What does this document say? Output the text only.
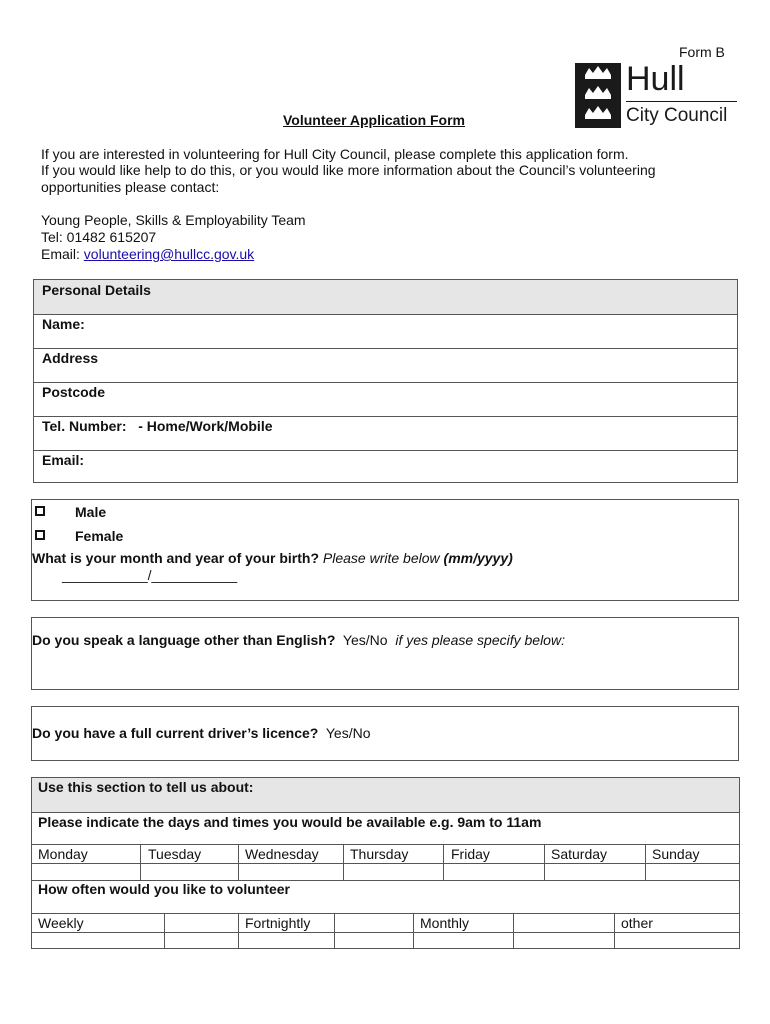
Form B
Hull
City Council
Volunteer Application Form
If you are interested in volunteering for Hull City Council, please complete this application form.
If you would like help to do this, or you would like more information about the Council’s volunteering
opportunities please contact:
Young People, Skills & Employability Team
Tel: 01482 615207
Email: volunteering@hullcc.gov.uk
Personal Details
Name:
Address
Postcode
Tel. Number:   - Home/Work/Mobile
Email:
Male
Female
What is your month and year of your birth? Please write below (mm/yyyy)
___________/___________
Do you speak a language other than English? Yes/No if yes please specify below:
Do you have a full current driver’s licence? Yes/No
Use this section to tell us about:
Please indicate the days and times you would be available e.g. 9am to 11am
Monday	Tuesday	Wednesday Thursday	Friday	Saturday	Sunday
How often would you like to volunteer
Weekly	Fortnightly	Monthly	other
